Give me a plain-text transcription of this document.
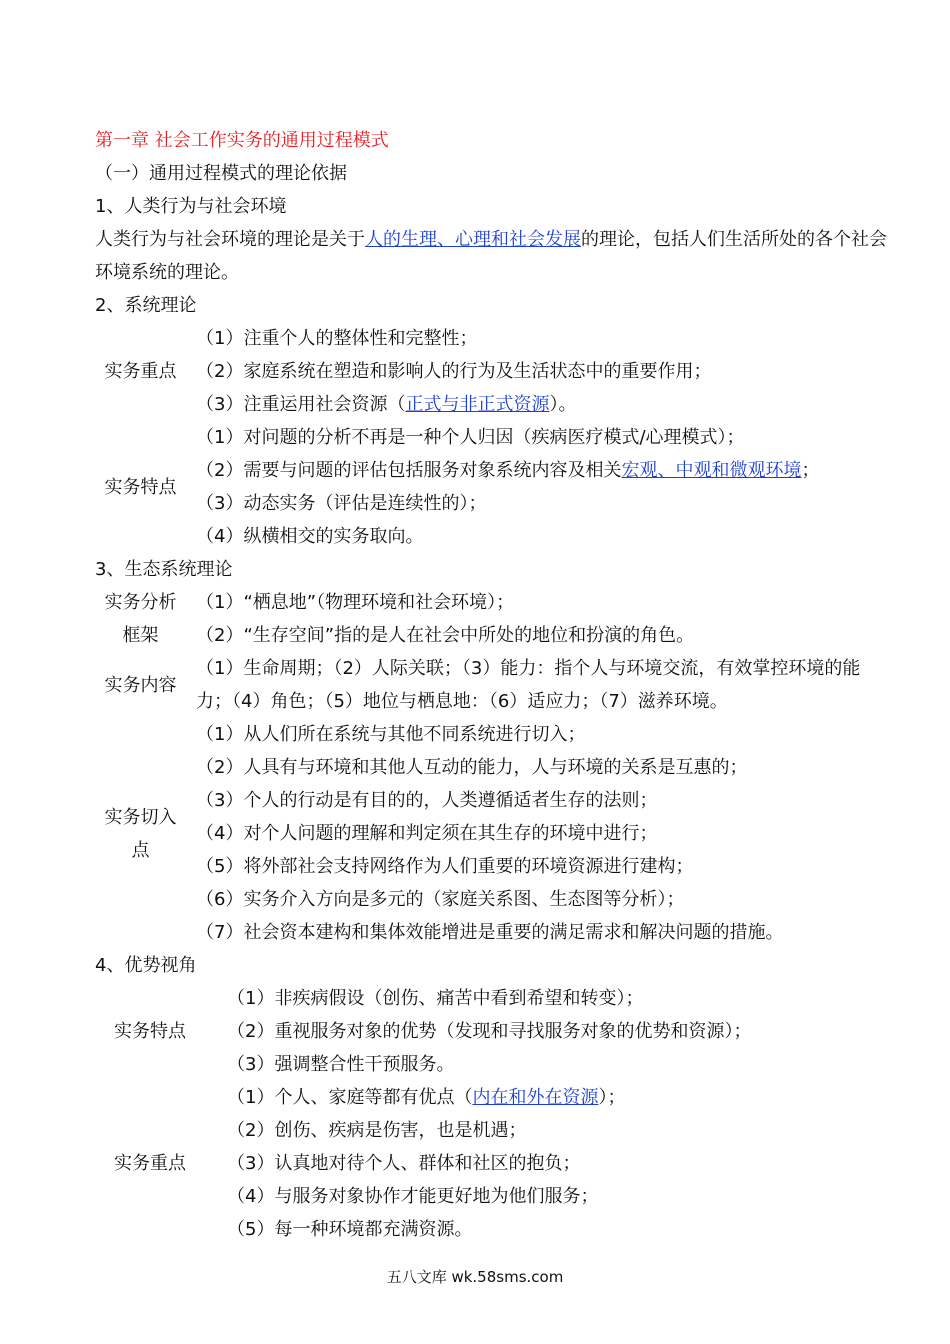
第一章 社会工作实务的通用过程模式
（一）通用过程模式的理论依据
1、人类行为与社会环境
人类行为与社会环境的理论是关于人的生理、心理和社会发展的理论，包括人们生活所处的各个社会环境系统的理论。
2、系统理论
实务重点
（1）注重个人的整体性和完整性；
（2）家庭系统在塑造和影响人的行为及生活状态中的重要作用；
（3）注重运用社会资源（正式与非正式资源）。
实务特点
（1）对问题的分析不再是一种个人归因（疾病医疗模式/心理模式）；
（2）需要与问题的评估包括服务对象系统内容及相关宏观、中观和微观环境；
（3）动态实务（评估是连续性的）；
（4）纵横相交的实务取向。
3、生态系统理论
实务分析
框架
（1）“栖息地”（物理环境和社会环境）；
（2）“生存空间”指的是人在社会中所处的地位和扮演的角色。
实务内容
（1）生命周期；（2）人际关联；（3）能力：指个人与环境交流，有效掌控环境的能力；（4）角色；（5）地位与栖息地：（6）适应力；（7）滋养环境。
实务切入
点
（1）从人们所在系统与其他不同系统进行切入；
（2）人具有与环境和其他人互动的能力，人与环境的关系是互惠的；
（3）个人的行动是有目的的，人类遵循适者生存的法则；
（4）对个人问题的理解和判定须在其生存的环境中进行；
（5）将外部社会支持网络作为人们重要的环境资源进行建构；
（6）实务介入方向是多元的（家庭关系图、生态图等分析）；
（7）社会资本建构和集体效能增进是重要的满足需求和解决问题的措施。
4、优势视角
实务特点
（1）非疾病假设（创伤、痛苦中看到希望和转变）；
（2）重视服务对象的优势（发现和寻找服务对象的优势和资源）；
（3）强调整合性干预服务。
实务重点
（1）个人、家庭等都有优点（内在和外在资源）；
（2）创伤、疾病是伤害，也是机遇；
（3）认真地对待个人、群体和社区的抱负；
（4）与服务对象协作才能更好地为他们服务；
（5）每一种环境都充满资源。
五八文库 wk.58sms.com
